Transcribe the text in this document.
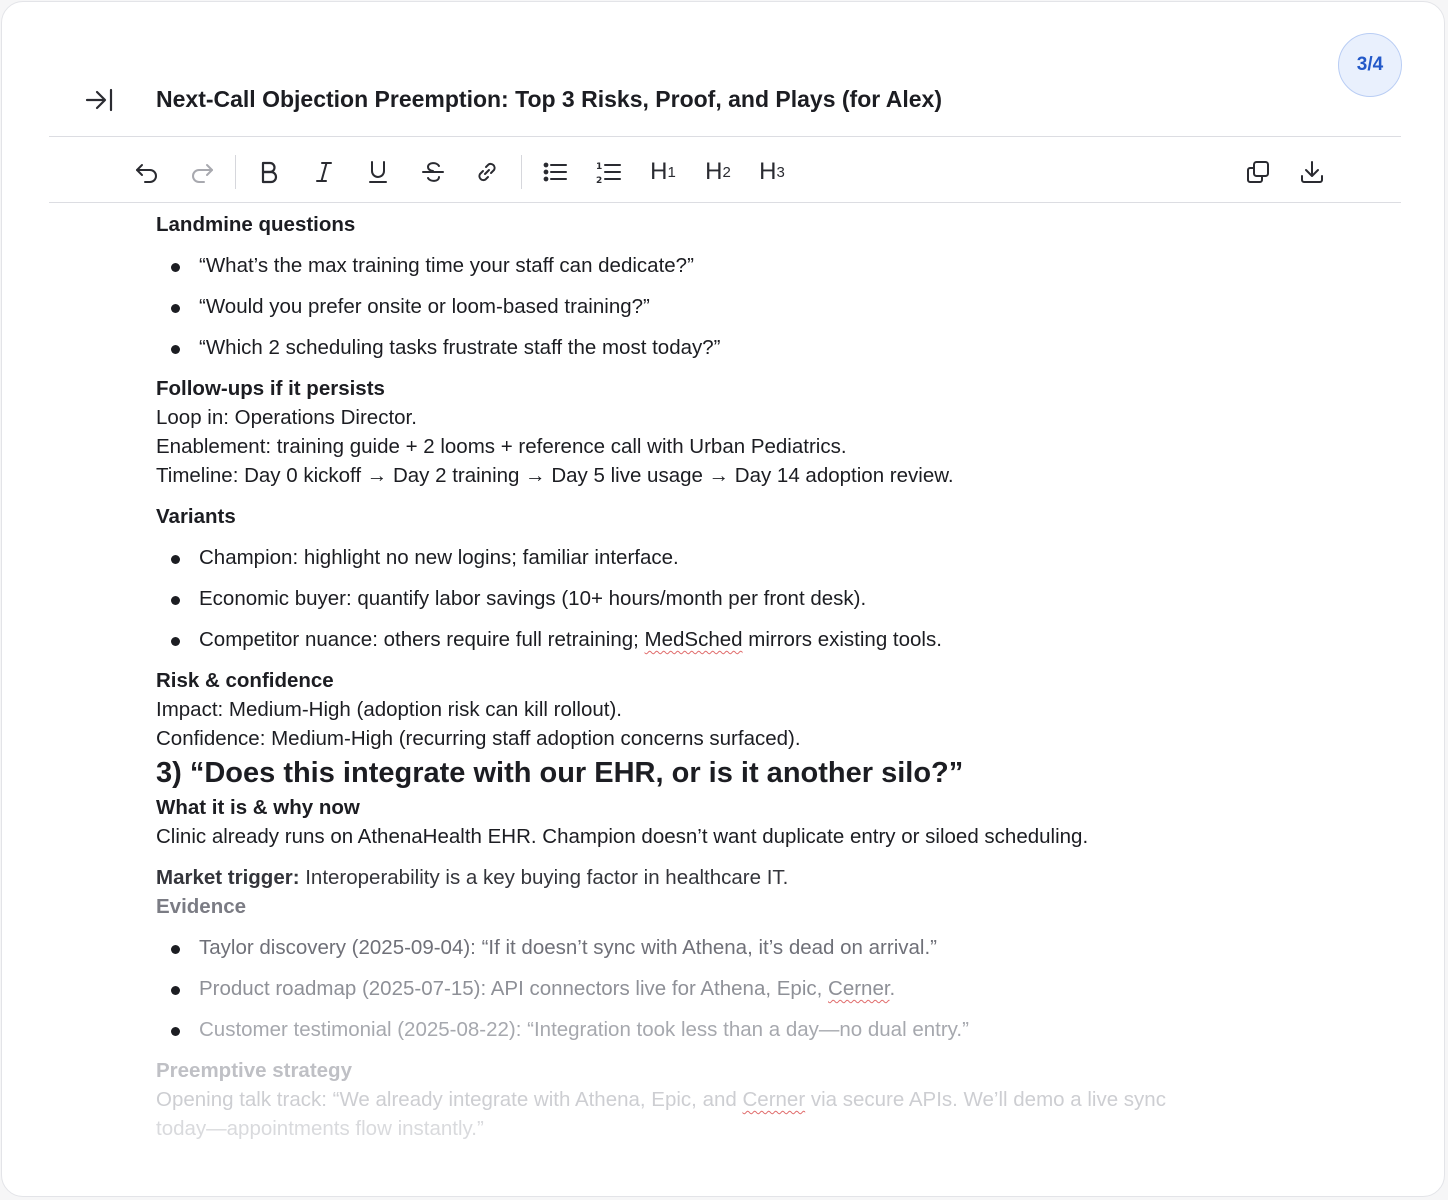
3/4
Next-Call Objection Preemption: Top 3 Risks, Proof, and Plays (for Alex)
1
2 H 1 H 2 H 3

Landmine questions

“What’s the max training time your staff can dedicate?”
“Would you prefer onsite or loom-based training?”
“Which 2 scheduling tasks frustrate staff the most today?”

Follow-ups if it persists

Loop in: Operations Director.

Enablement: training guide + 2 looms + reference call with Urban Pediatrics.

Timeline: Day 0 kickoff → Day 2 training → Day 5 live usage → Day 14 adoption review.

Variants

Champion: highlight no new logins; familiar interface.
Economic buyer: quantify labor savings (10+ hours/month per front desk).
Competitor nuance: others require full retraining; MedSched mirrors existing tools.

Risk & confidence

Impact: Medium-High (adoption risk can kill rollout).

Confidence: Medium-High (recurring staff adoption concerns surfaced).

3) “Does this integrate with our EHR, or is it another silo?”

What it is & why now

Clinic already runs on AthenaHealth EHR. Champion doesn’t want duplicate entry or siloed scheduling.

Market trigger: Interoperability is a key buying factor in healthcare IT.

Evidence

Taylor discovery (2025-09-04): “If it doesn’t sync with Athena, it’s dead on arrival.”
Product roadmap (2025-07-15): API connectors live for Athena, Epic, Cerner.
Customer testimonial (2025-08-22): “Integration took less than a day—no dual entry.”

Preemptive strategy

Opening talk track: “We already integrate with Athena, Epic, and Cerner via secure APIs. We’ll demo a live sync

today—appointments flow instantly.”
